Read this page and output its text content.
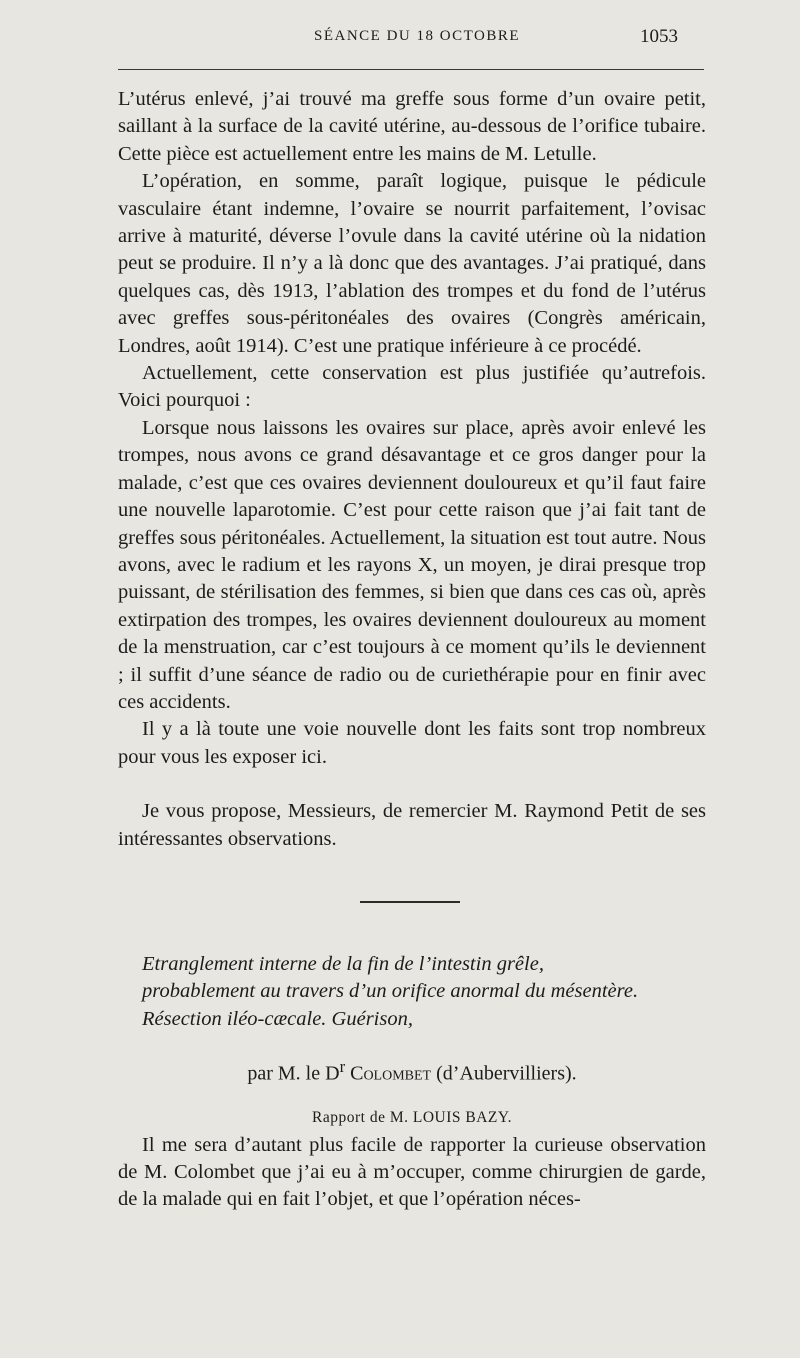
SÉANCE DU 18 OCTOBRE	1053

L’utérus enlevé, j’ai trouvé ma greffe sous forme d’un ovaire petit, saillant à la surface de la cavité utérine, au-dessous de l’orifice tubaire. Cette pièce est actuellement entre les mains de M. Letulle.

L’opération, en somme, paraît logique, puisque le pédicule vasculaire étant indemne, l’ovaire se nourrit parfaitement, l’ovisac arrive à maturité, déverse l’ovule dans la cavité utérine où la nidation peut se produire. Il n’y a là donc que des avantages. J’ai pratiqué, dans quelques cas, dès 1913, l’ablation des trompes et du fond de l’utérus avec greffes sous-péritonéales des ovaires (Congrès américain, Londres, août 1914). C’est une pratique inférieure à ce procédé.

Actuellement, cette conservation est plus justifiée qu’autrefois. Voici pourquoi :

Lorsque nous laissons les ovaires sur place, après avoir enlevé les trompes, nous avons ce grand désavantage et ce gros danger pour la malade, c’est que ces ovaires deviennent douloureux et qu’il faut faire une nouvelle laparotomie. C’est pour cette raison que j’ai fait tant de greffes sous péritonéales. Actuellement, la situation est tout autre. Nous avons, avec le radium et les rayons X, un moyen, je dirai presque trop puissant, de stérilisation des femmes, si bien que dans ces cas où, après extirpation des trompes, les ovaires deviennent douloureux au moment de la menstruation, car c’est toujours à ce moment qu’ils le deviennent ; il suffit d’une séance de radio ou de curiethérapie pour en finir avec ces accidents.

Il y a là toute une voie nouvelle dont les faits sont trop nombreux pour vous les exposer ici.

Je vous propose, Messieurs, de remercier M. Raymond Petit de ses intéressantes observations.

Etranglement interne de la fin de l’intestin grêle,

probablement au travers d’un orifice anormal du mésentère.

Résection iléo-cæcale. Guérison,

par M. le $D^r$ Colombet (d’Aubervilliers).
Rapport de M. LOUIS BAZY.

Il me sera d’autant plus facile de rapporter la curieuse observation de M. Colombet que j’ai eu à m’occuper, comme chirurgien de garde, de la malade qui en fait l’objet, et que l’opération néces-
